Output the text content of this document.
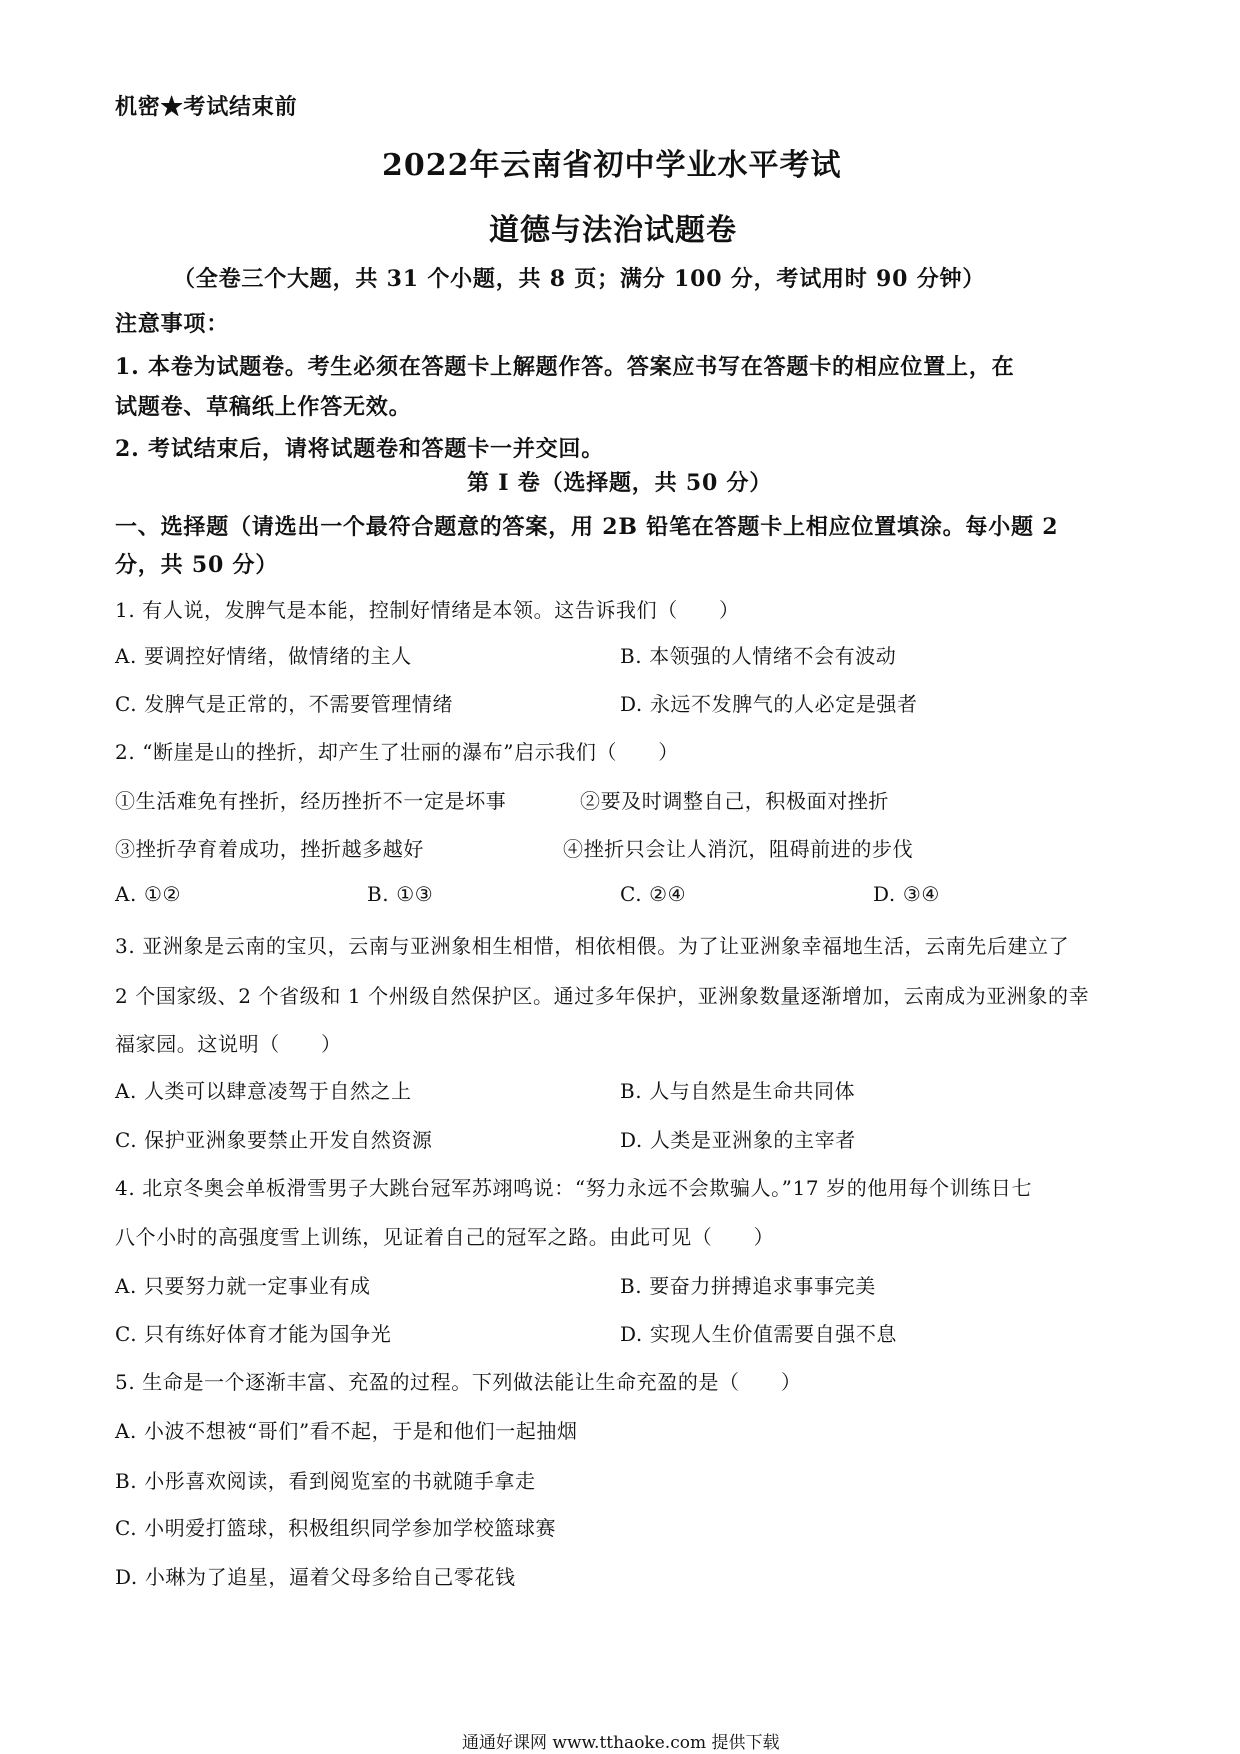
机密★考试结束前
2022年云南省初中学业水平考试
道德与法治试题卷
（全卷三个大题，共 31 个小题，共 8 页；满分 100 分，考试用时 90 分钟）
注意事项：
1. 本卷为试题卷。考生必须在答题卡上解题作答。答案应书写在答题卡的相应位置上，在
试题卷、草稿纸上作答无效。
2. 考试结束后，请将试题卷和答题卡一并交回。
第 I 卷（选择题，共 50 分）
一、选择题（请选出一个最符合题意的答案，用 2B 铅笔在答题卡上相应位置填涂。每小题 2
分，共 50 分）
1. 有人说，发脾气是本能，控制好情绪是本领。这告诉我们（　　）
A. 要调控好情绪，做情绪的主人	B. 本领强的人情绪不会有波动
C. 发脾气是正常的，不需要管理情绪	D. 永远不发脾气的人必定是强者
2. “断崖是山的挫折，却产生了壮丽的瀑布”启示我们（　　）
①生活难免有挫折，经历挫折不一定是坏事	②要及时调整自己，积极面对挫折
③挫折孕育着成功，挫折越多越好	④挫折只会让人消沉，阻碍前进的步伐
A. ①②	B. ①③	C. ②④	D. ③④
3. 亚洲象是云南的宝贝，云南与亚洲象相生相惜，相依相偎。为了让亚洲象幸福地生活，云南先后建立了
2 个国家级、2 个省级和 1 个州级自然保护区。通过多年保护，亚洲象数量逐渐增加，云南成为亚洲象的幸
福家园。这说明（　　）
A. 人类可以肆意凌驾于自然之上	B. 人与自然是生命共同体
C. 保护亚洲象要禁止开发自然资源	D. 人类是亚洲象的主宰者
4. 北京冬奥会单板滑雪男子大跳台冠军苏翊鸣说：“努力永远不会欺骗人。”17 岁的他用每个训练日七
八个小时的高强度雪上训练，见证着自己的冠军之路。由此可见（　　）
A. 只要努力就一定事业有成	B. 要奋力拼搏追求事事完美
C. 只有练好体育才能为国争光	D. 实现人生价值需要自强不息
5. 生命是一个逐渐丰富、充盈的过程。下列做法能让生命充盈的是（　　）
A. 小波不想被“哥们”看不起，于是和他们一起抽烟
B. 小彤喜欢阅读，看到阅览室的书就随手拿走
C. 小明爱打篮球，积极组织同学参加学校篮球赛
D. 小琳为了追星，逼着父母多给自己零花钱
通通好课网 www.tthaoke.com 提供下载
